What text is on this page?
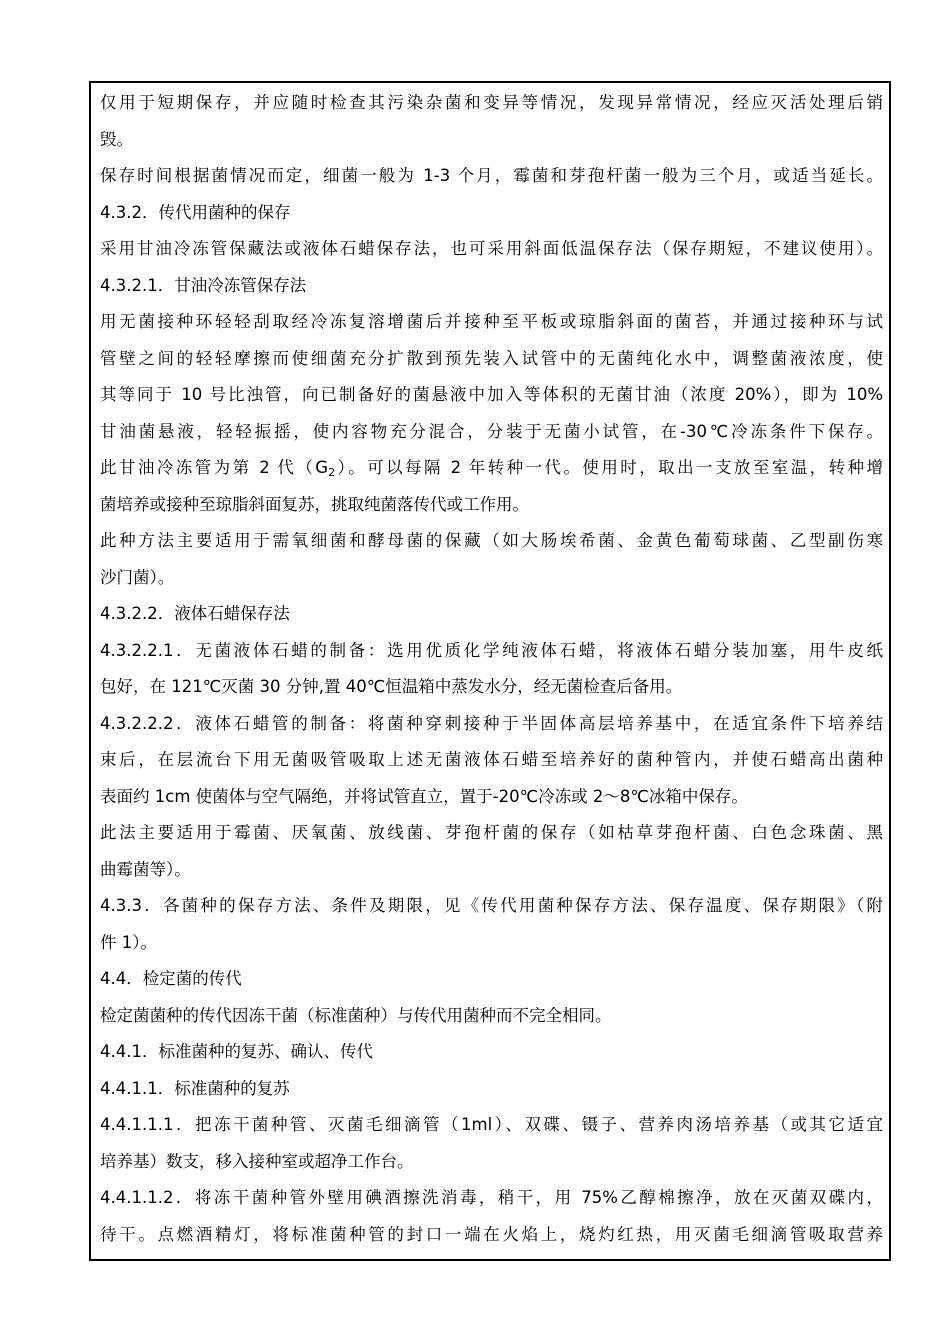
仅用于短期保存，并应随时检查其污染杂菌和变异等情况，发现异常情况，经应灭活处理后销
毁。
保存时间根据菌情况而定，细菌一般为 1-3 个月，霉菌和芽孢杆菌一般为三个月，或适当延长。
4.3.2．传代用菌种的保存
采用甘油冷冻管保藏法或液体石蜡保存法，也可采用斜面低温保存法（保存期短，不建议使用）。
4.3.2.1．甘油冷冻管保存法
用无菌接种环轻轻刮取经冷冻复溶增菌后并接种至平板或琼脂斜面的菌苔，并通过接种环与试
管壁之间的轻轻摩擦而使细菌充分扩散到预先装入试管中的无菌纯化水中，调整菌液浓度，使
其等同于 10 号比浊管，向已制备好的菌悬液中加入等体积的无菌甘油（浓度 20%），即为 10%
甘油菌悬液，轻轻振摇，使内容物充分混合，分装于无菌小试管，在-30℃冷冻条件下保存。
此甘油冷冻管为第 2 代$(G_2)$。可以每隔 2 年转种一代。使用时，取出一支放至室温，转种增
菌培养或接种至琼脂斜面复苏，挑取纯菌落传代或工作用。
此种方法主要适用于需氧细菌和酵母菌的保藏（如大肠埃希菌、金黄色葡萄球菌、乙型副伤寒
沙门菌）。
4.3.2.2．液体石蜡保存法
4.3.2.2.1．无菌液体石蜡的制备：选用优质化学纯液体石蜡，将液体石蜡分装加塞，用牛皮纸
包好，在 121℃灭菌 30 分钟,置 40℃恒温箱中蒸发水分，经无菌检查后备用。
4.3.2.2.2．液体石蜡管的制备：将菌种穿刺接种于半固体高层培养基中，在适宜条件下培养结
束后，在层流台下用无菌吸管吸取上述无菌液体石蜡至培养好的菌种管内，并使石蜡高出菌种
表面约 1cm 使菌体与空气隔绝，并将试管直立，置于-20℃冷冻或 2～8℃冰箱中保存。
此法主要适用于霉菌、厌氧菌、放线菌、芽孢杆菌的保存（如枯草芽孢杆菌、白色念珠菌、黑
曲霉菌等）。
4.3.3．各菌种的保存方法、条件及期限，见《传代用菌种保存方法、保存温度、保存期限》（附
件 1）。
4.4．检定菌的传代
检定菌菌种的传代因冻干菌（标准菌种）与传代用菌种而不完全相同。
4.4.1．标准菌种的复苏、确认、传代
4.4.1.1．标准菌种的复苏
4.4.1.1.1．把冻干菌种管、灭菌毛细滴管（1ml）、双碟、镊子、营养肉汤培养基（或其它适宜
培养基）数支，移入接种室或超净工作台。
4.4.1.1.2．将冻干菌种管外壁用碘酒擦洗消毒，稍干，用 75%乙醇棉擦净，放在灭菌双碟内，
待干。点燃酒精灯，将标准菌种管的封口一端在火焰上，烧灼红热，用灭菌毛细滴管吸取营养
